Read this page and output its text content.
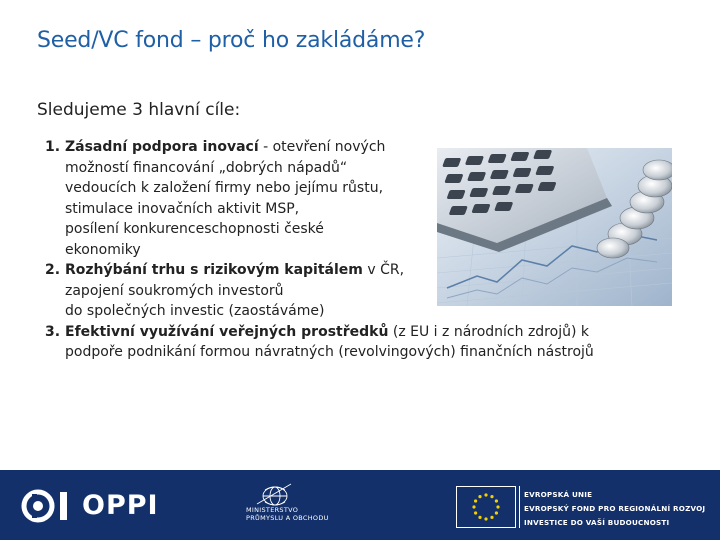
Seed/VC fond – proč ho zakládáme?
Sledujeme 3 hlavní cíle:
1. Zásadní podpora inovací - otevření nových
možností financování „dobrých nápadů“
vedoucích k založení firmy nebo jejímu růstu,
stimulace inovačních aktivit MSP,
posílení konkurenceschopnosti české
ekonomiky
2. Rozhýbání trhu s rizikovým kapitálem v ČR,
zapojení soukromých investorů
do společných investic (zaostáváme)
3. Efektivní využívání veřejných prostředků (z EU i z národních zdrojů) k
podpoře podnikání formou návratných (revolvingových) finančních nástrojů
OPPI	MINISTERSTVO
PRŮMYSLU A OBCHODU
EVROPSKÁ UNIE
EVROPSKÝ FOND PRO REGIONÁLNÍ ROZVOJ
INVESTICE DO VAŠÍ BUDOUCNOSTI
